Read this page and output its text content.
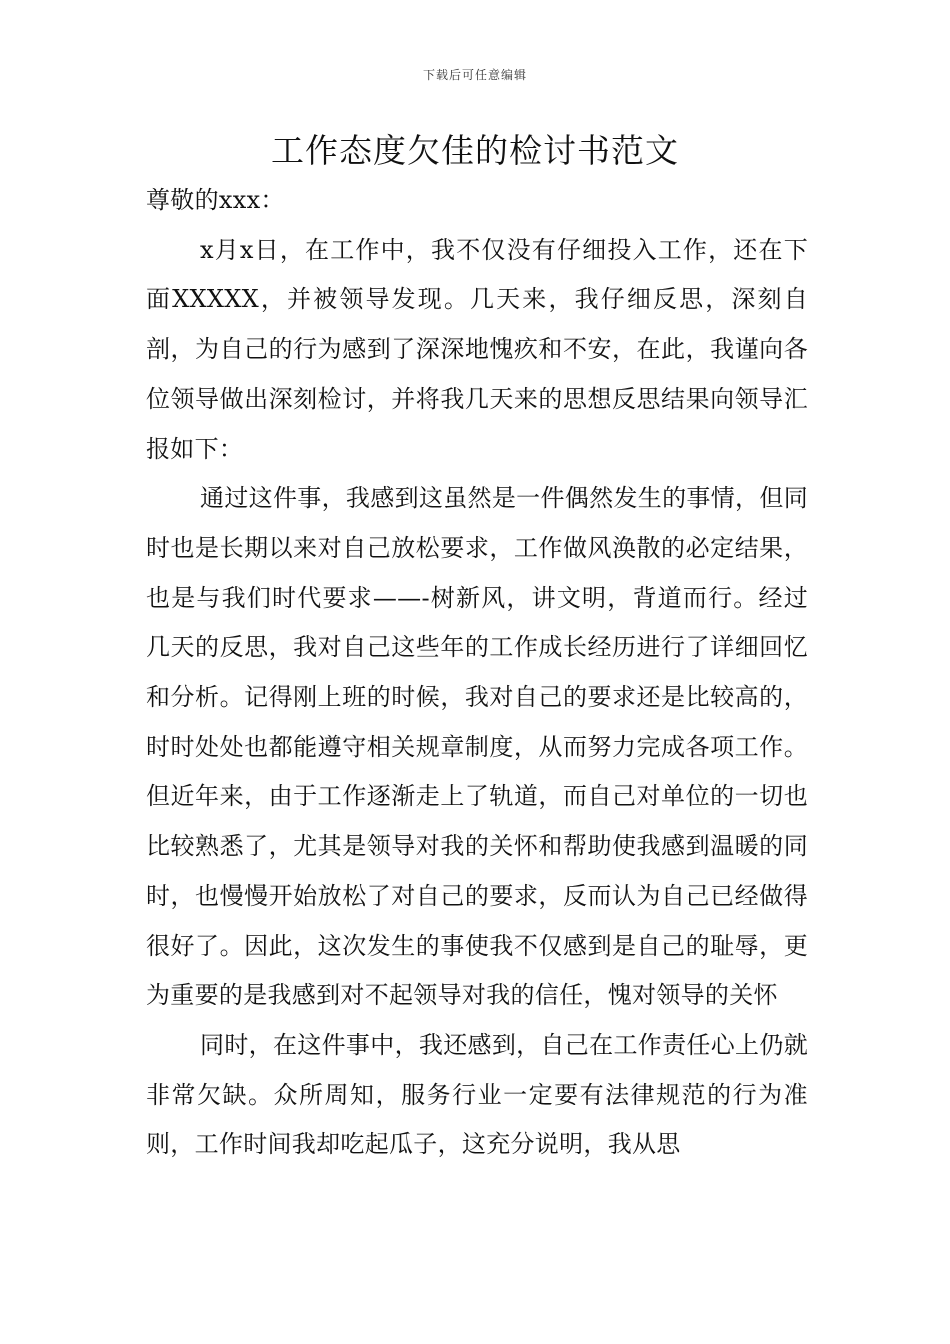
下载后可任意编辑
工作态度欠佳的检讨书范文

尊敬的xxx：

x月x日，在工作中，我不仅没有仔细投入工作，还在下面XXXXX，并被领导发现。几天来，我仔细反思，深刻自剖，为自己的行为感到了深深地愧疚和不安，在此，我谨向各位领导做出深刻检讨，并将我几天来的思想反思结果向领导汇报如下：

通过这件事，我感到这虽然是一件偶然发生的事情，但同时也是长期以来对自己放松要求，工作做风涣散的必定结果，也是与我们时代要求——-树新风，讲文明，背道而行。经过几天的反思，我对自己这些年的工作成长经历进行了详细回忆和分析。记得刚上班的时候，我对自己的要求还是比较高的，时时处处也都能遵守相关规章制度，从而努力完成各项工作。但近年来，由于工作逐渐走上了轨道，而自己对单位的一切也比较熟悉了，尤其是领导对我的关怀和帮助使我感到温暖的同时，也慢慢开始放松了对自己的要求，反而认为自己已经做得很好了。因此，这次发生的事使我不仅感到是自己的耻辱，更为重要的是我感到对不起领导对我的信任，愧对领导的关怀

同时，在这件事中，我还感到，自己在工作责任心上仍就非常欠缺。众所周知，服务行业一定要有法律规范的行为准则，工作时间我却吃起瓜子，这充分说明，我从思
